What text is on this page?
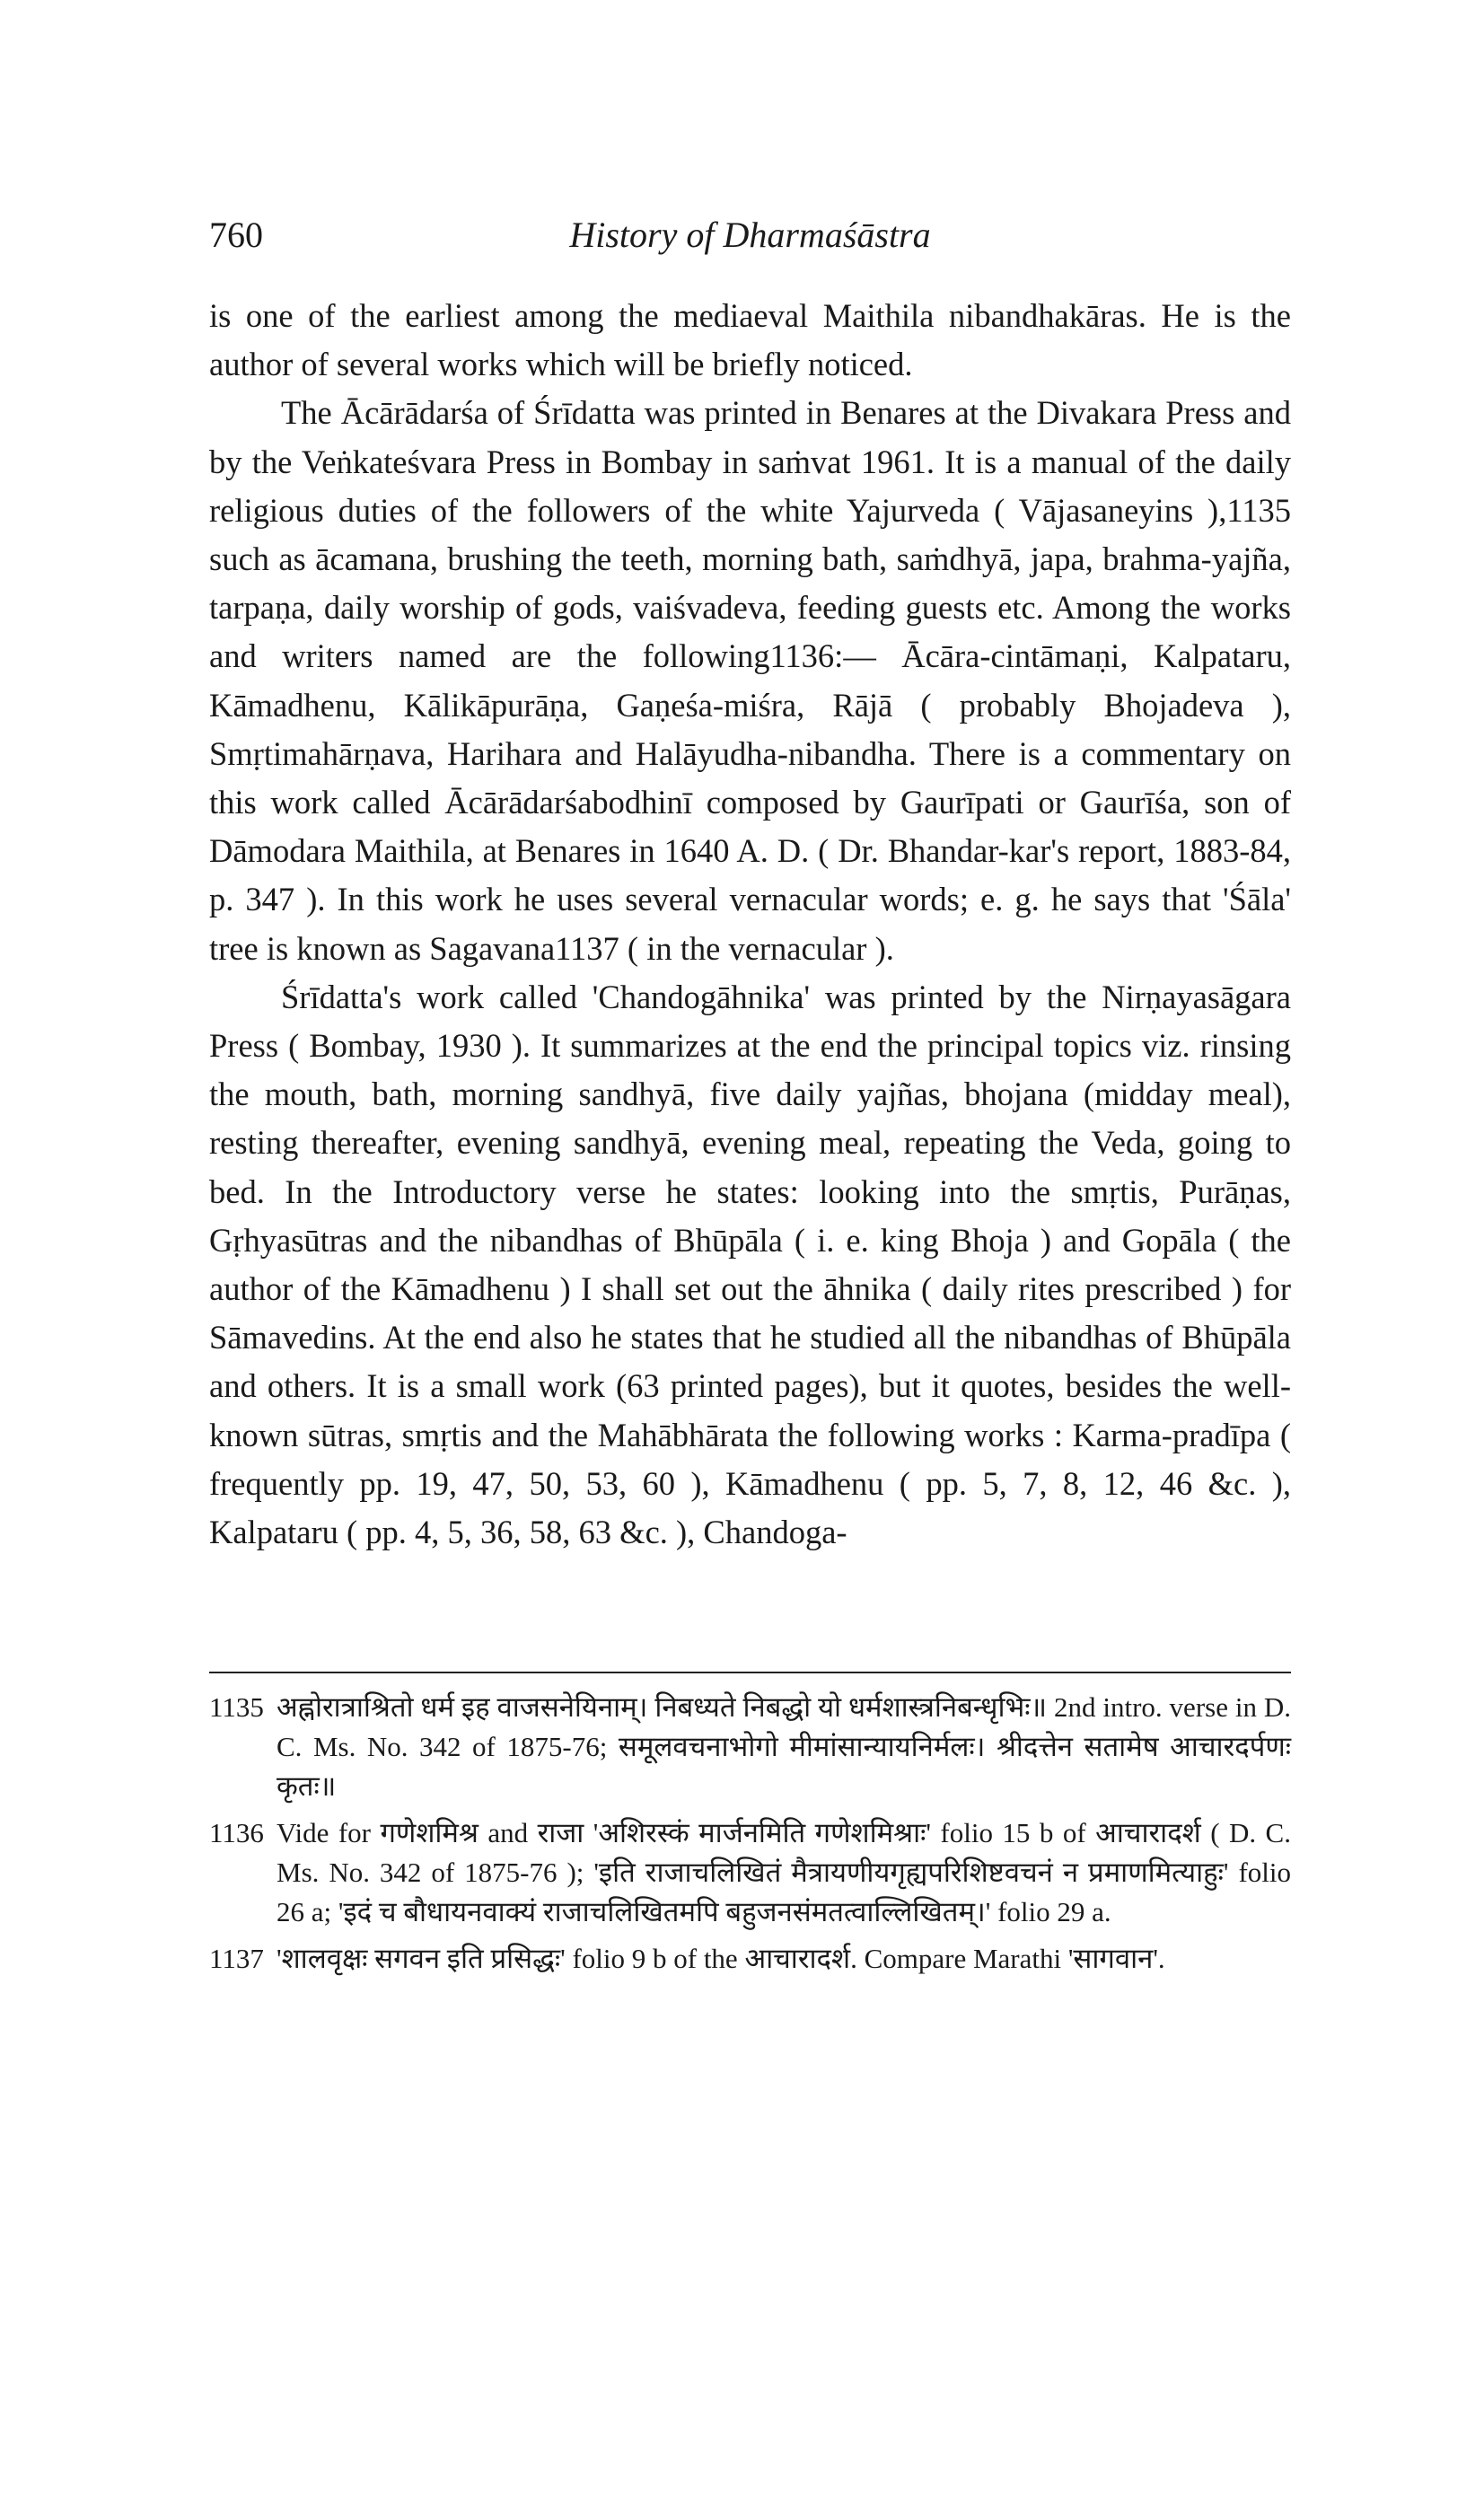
760	History of Dharmaśāstra

is one of the earliest among the mediaeval Maithila nibandhakāras. He is the author of several works which will be briefly noticed.

The Ācārādarśa of Śrīdatta was printed in Benares at the Divakara Press and by the Veṅkateśvara Press in Bombay in saṁvat 1961. It is a manual of the daily religious duties of the followers of the white Yajurveda ( Vājasaneyins ),1135 such as ācamana, brushing the teeth, morning bath, saṁdhyā, japa, brahma-yajña, tarpaṇa, daily worship of gods, vaiśvadeva, feeding guests etc. Among the works and writers named are the following1136:— Ācāra-cintāmaṇi, Kalpataru, Kāmadhenu, Kālikāpurāṇa, Gaṇeśa-miśra, Rājā ( probably Bhojadeva ), Smṛtimahārṇava, Harihara and Halāyudha-nibandha. There is a commentary on this work called Ācārādarśabodhinī composed by Gaurīpati or Gaurīśa, son of Dāmodara Maithila, at Benares in 1640 A. D. ( Dr. Bhandar-kar's report, 1883-84, p. 347 ). In this work he uses several vernacular words; e. g. he says that 'Śāla' tree is known as Sagavana1137 ( in the vernacular ).

Śrīdatta's work called 'Chandogāhnika' was printed by the Nirṇayasāgara Press ( Bombay, 1930 ). It summarizes at the end the principal topics viz. rinsing the mouth, bath, morning sandhyā, five daily yajñas, bhojana (midday meal), resting thereafter, evening sandhyā, evening meal, repeating the Veda, going to bed. In the Introductory verse he states: looking into the smṛtis, Purāṇas, Gṛhyasūtras and the nibandhas of Bhūpāla ( i. e. king Bhoja ) and Gopāla ( the author of the Kāmadhenu ) I shall set out the āhnika ( daily rites prescribed ) for Sāmavedins. At the end also he states that he studied all the nibandhas of Bhūpāla and others. It is a small work (63 printed pages), but it quotes, besides the well-known sūtras, smṛtis and the Mahābhārata the following works : Karma-pradīpa ( frequently pp. 19, 47, 50, 53, 60 ), Kāmadhenu ( pp. 5, 7, 8, 12, 46 &c. ), Kalpataru ( pp. 4, 5, 36, 58, 63 &c. ), Chandoga-

1135 अह्नोरात्राश्रितो धर्म इह वाजसनेयिनाम्। निबध्यते निबद्धो यो धर्मशास्त्रनिबन्धृभिः॥ 2nd intro. verse in D. C. Ms. No. 342 of 1875-76; समूलवचनाभोगो मीमांसान्यायनिर्मलः। श्रीदत्तेन सतामेष आचारदर्पणः कृतः॥
1136 Vide for गणेशमिश्र and राजा 'अशिरस्कं मार्जनमिति गणेशमिश्राः' folio 15 b of आचारादर्श ( D. C. Ms. No. 342 of 1875-76 ); 'इति राजाचलिखितं मैत्रायणीयगृह्यपरिशिष्टवचनं न प्रमाणमित्याहुः' folio 26 a; 'इदं च बौधायनवाक्यं राजाचलिखितमपि बहुजनसंमतत्वाल्लिखितम्।' folio 29 a.
1137 'शालवृक्षः सगवन इति प्रसिद्धः' folio 9 b of the आचारादर्श. Compare Marathi 'सागवान'.
